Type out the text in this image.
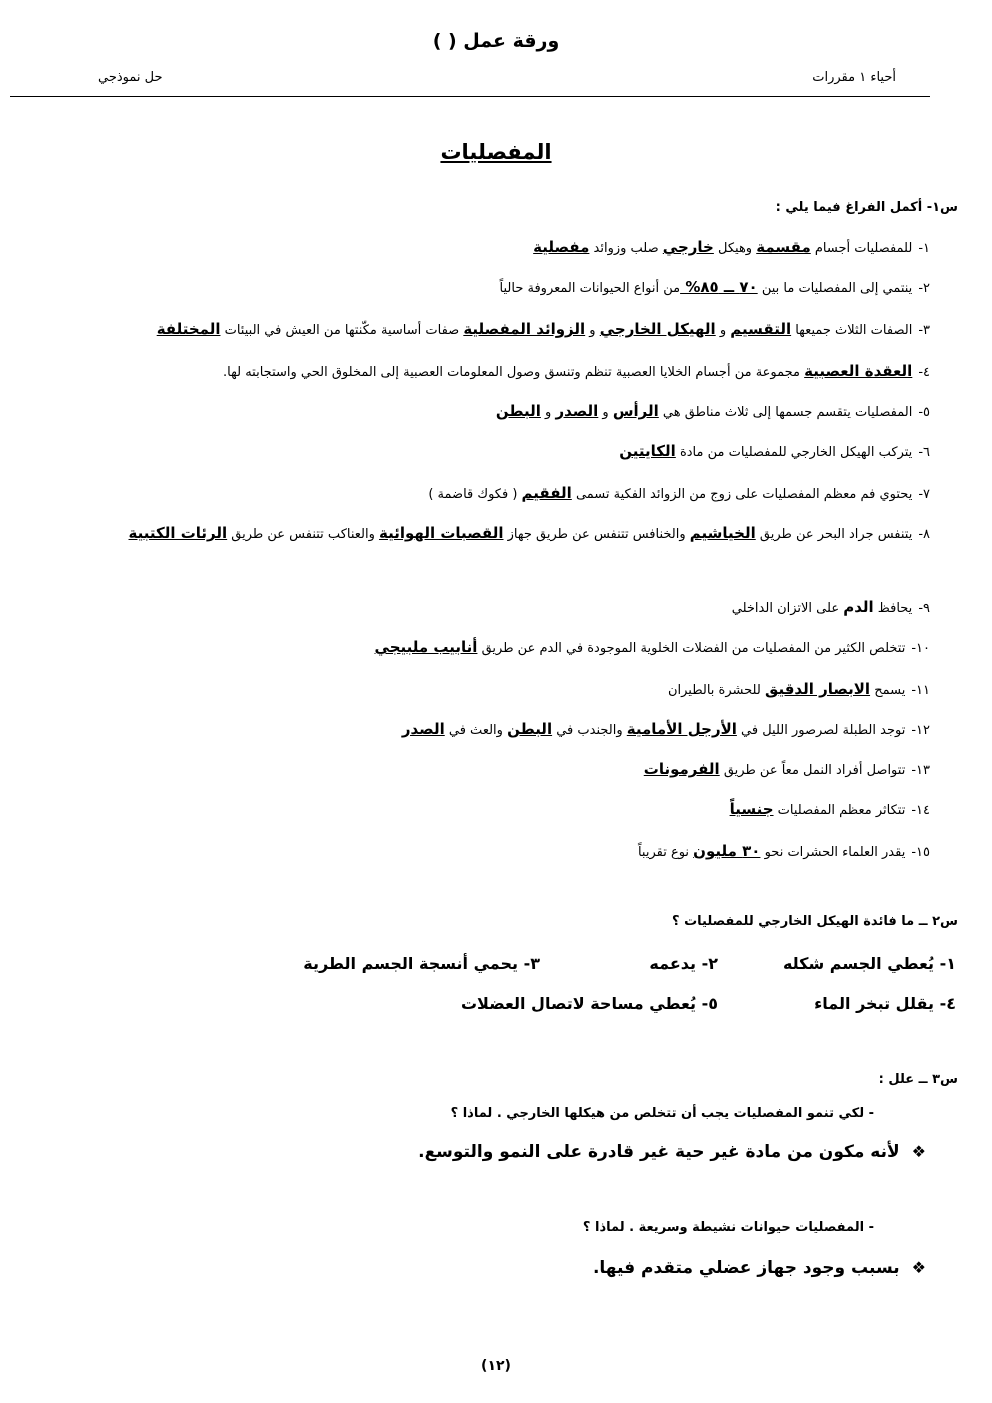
ورقة عمل ( )
أحياء ١ مقررات
حل نموذجي
المفصليات
س١- أكمل الفراغ فيما يلي :
١-للمفصليات أجسام مقسمة وهيكل خارجي صلب وزوائد مفصلية
٢-ينتمي إلى المفصليات ما بين ٧٠ ــ ٨٥% من أنواع الحيوانات المعروفة حالياً
٣-الصفات الثلاث جميعها التقسيم و الهيكل الخارجي و الزوائد المفصلية صفات أساسية مكّنتها من العيش في البيئات المختلفة
٤-العقدة العصبية مجموعة من أجسام الخلايا العصبية تنظم وتنسق وصول المعلومات العصبية إلى المخلوق الحي واستجابته لها.
٥-المفصليات يتقسم جسمها إلى ثلاث مناطق هي الرأس و الصدر و البطن
٦-يتركب الهيكل الخارجي للمفصليات من مادة الكايتين
٧-يحتوي فم معظم المفصليات على زوج من الزوائد الفكية تسمى الفقيم ( فكوك قاضمة )
٨-يتنفس جراد البحر عن طريق الخياشيم والخنافس تتنفس عن طريق جهاز القصبات الهوائية والعناكب تتنفس عن طريق الرئات الكتبية
٩-يحافظ الدم على الاتزان الداخلي
١٠-تتخلص الكثير من المفصليات من الفضلات الخلوية الموجودة في الدم عن طريق أنابيب ملبيجي
١١-يسمح الابصار الدقيق للحشرة بالطيران
١٢-توجد الطبلة لصرصور الليل في الأرجل الأمامية والجندب في البطن والعث في الصدر
١٣-تتواصل أفراد النمل معاً عن طريق الفرمونات
١٤-تتكاثر معظم المفصليات جنسياً
١٥-يقدر العلماء الحشرات نحو ٣٠ مليون نوع تقريباً
س٢ ــ ما فائدة الهيكل الخارجي للمفصليات ؟
١- يُعطي الجسم شكله
٢- يدعمه
٣- يحمي أنسجة الجسم الطرية
٤- يقلل تبخر الماء
٥- يُعطي مساحة لاتصال العضلات
س٣ ــ علل :
- لكي تنمو المفصليات يجب أن تتخلص من هيكلها الخارجي . لماذا ؟
❖لأنه مكون من مادة غير حية غير قادرة على النمو والتوسع.
- المفصليات حيوانات نشيطة وسريعة . لماذا ؟
❖بسبب وجود جهاز عضلي متقدم فيها.
(١٢)
